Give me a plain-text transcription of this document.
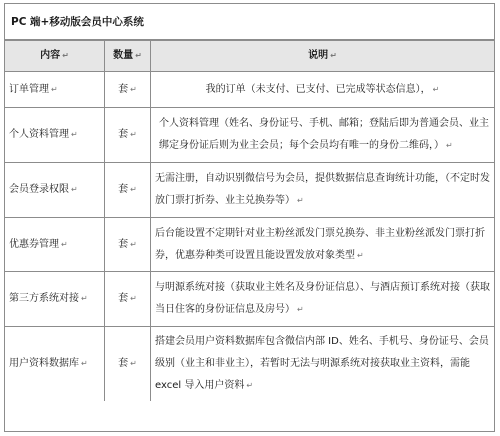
PC 端+移动版会员中心系统
内容 ↵	数量 ↵	说明 ↵
订单管理 ↵	套 ↵	我的订单（未支付、已支付、已完成等状态信息）， ↵
个人资料管理 ↵	套 ↵	个人资料管理（姓名、身份证号、手机、邮箱；登陆后即为普通会员、业主绑定身份证后则为业主会员；每个会员均有唯一的身份二维码，） ↵
会员登录权限 ↵	套 ↵	无需注册，自动识别微信号为会员，提供数据信息查询统计功能，（不定时发放门票打折券、业主兑换券等） ↵
优惠券管理 ↵	套 ↵	后台能设置不定期针对业主粉丝派发门票兑换券、非主业粉丝派发门票打折券，优惠券种类可设置且能设置发放对象类型 ↵
第三方系统对接 ↵	套 ↵	与明源系统对接（获取业主姓名及身份证信息）、与酒店预订系统对接（获取当日住客的身份证信息及房号） ↵
用户资料数据库 ↵	套 ↵	搭建会员用户资料数据库包含微信内部 ID、姓名、手机号、身份证号、会员级别（业主和非业主），若暂时无法与明源系统对接获取业主资料，需能 excel 导入用户资料 ↵
